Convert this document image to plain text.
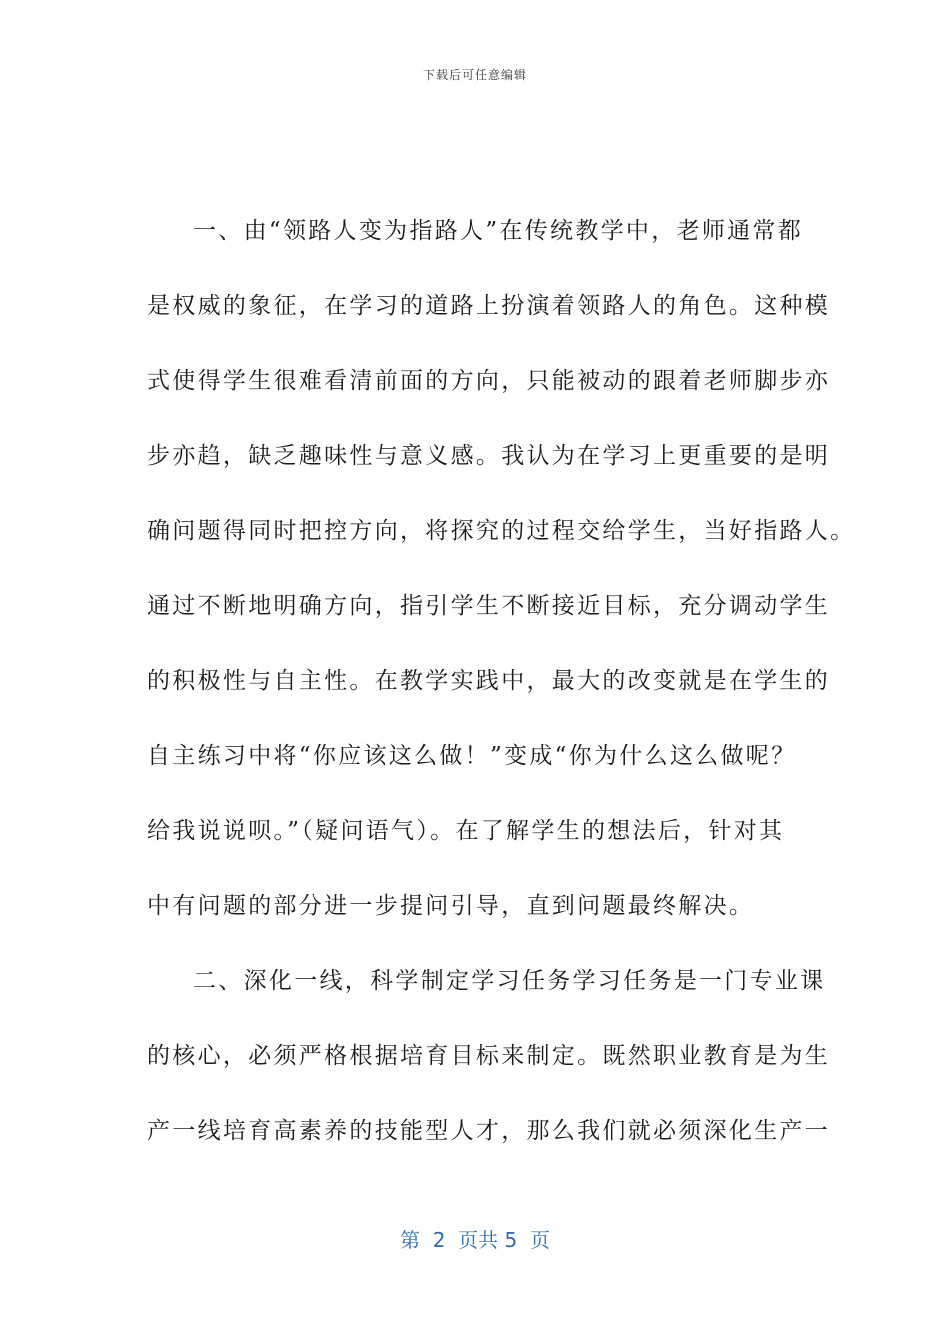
下载后可任意编辑
一、由“领路人变为指路人”在传统教学中，老师通常都
是权威的象征，在学习的道路上扮演着领路人的角色。这种模
式使得学生很难看清前面的方向，只能被动的跟着老师脚步亦
步亦趋，缺乏趣味性与意义感。我认为在学习上更重要的是明
确问题得同时把控方向，将探究的过程交给学生，当好指路人。
通过不断地明确方向，指引学生不断接近目标，充分调动学生
的积极性与自主性。在教学实践中，最大的改变就是在学生的
自主练习中将“你应该这么做！”变成“你为什么这么做呢？
给我说说呗。”（疑问语气）。在了解学生的想法后，针对其
中有问题的部分进一步提问引导，直到问题最终解决。
二、深化一线，科学制定学习任务学习任务是一门专业课
的核心，必须严格根据培育目标来制定。既然职业教育是为生
产一线培育高素养的技能型人才，那么我们就必须深化生产一
第  2  页共 5  页
